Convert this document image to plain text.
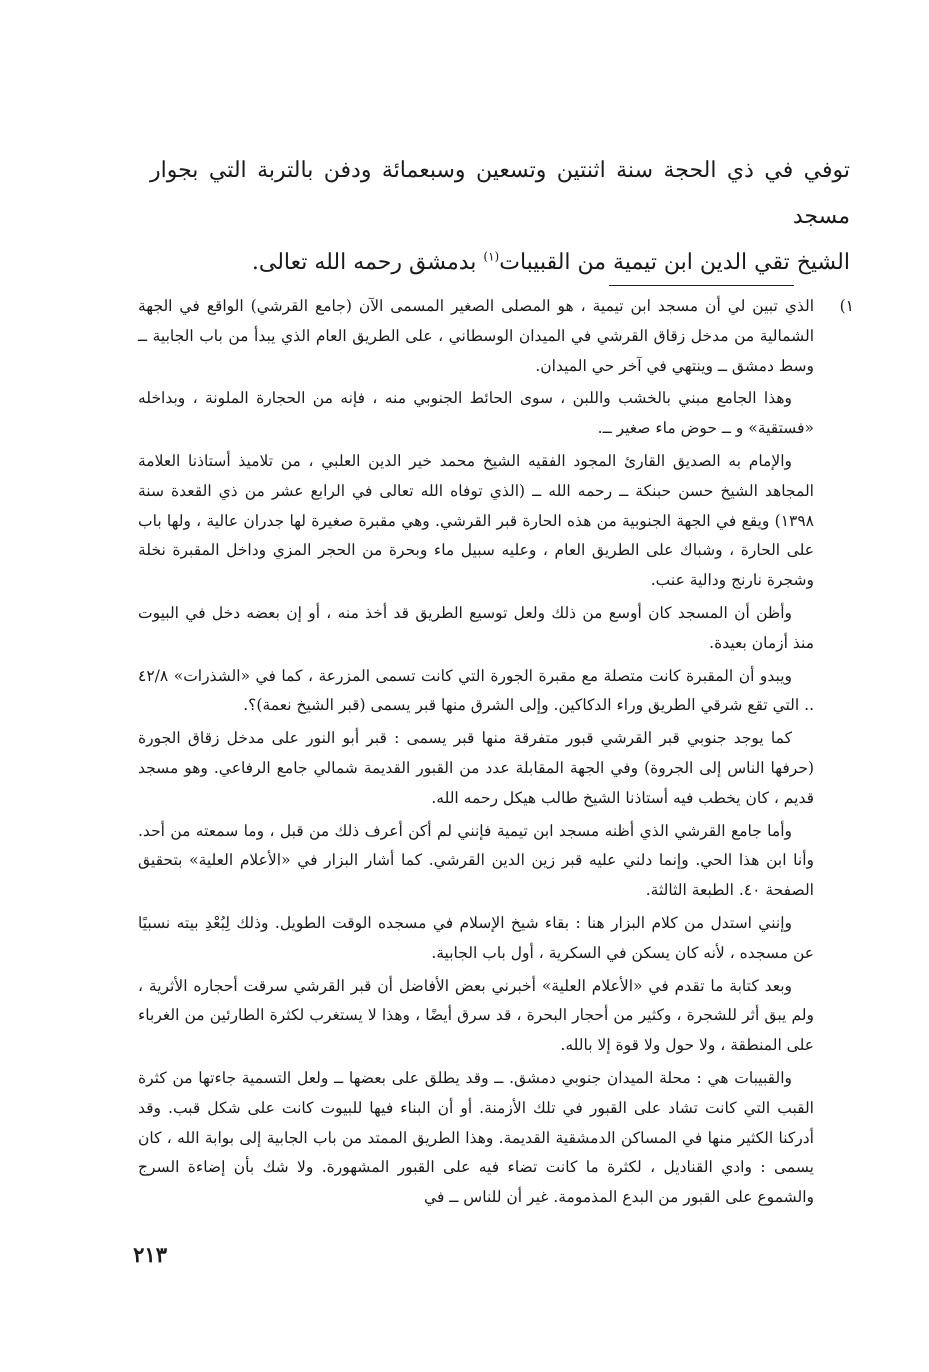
توفي في ذي الحجة سنة اثنتين وتسعين وسبعمائة ودفن بالتربة التي بجوار مسجد

الشيخ تقي الدين ابن تيمية من القبيبات$^{(١)}$ بدمشق رحمه الله تعالى.

١)
الذي تبين لي أن مسجد ابن تيمية ، هو المصلى الصغير المسمى الآن (جامع القرشي) الواقع في الجهة الشمالية من مدخل زقاق القرشي في الميدان الوسطاني ، على الطريق العام الذي يبدأ من باب الجابية ــ وسط دمشق ــ وينتهي في آخر حي الميدان.

وهذا الجامع مبني بالخشب واللبن ، سوى الحائط الجنوبي منه ، فإنه من الحجارة الملونة ، وبداخله «فستقية» و ــ حوض ماء صغير ــ.

والإمام به الصديق القارئ المجود الفقيه الشيخ محمد خير الدين العلبي ، من تلاميذ أستاذنا العلامة المجاهد الشيخ حسن حبنكة ــ رحمه الله ــ (الذي توفاه الله تعالى في الرابع عشر من ذي القعدة سنة ١٣٩٨) ويقع في الجهة الجنوبية من هذه الحارة قبر القرشي. وهي مقبرة صغيرة لها جدران عالية ، ولها باب على الحارة ، وشباك على الطريق العام ، وعليه سبيل ماء وبحرة من الحجر المزي وداخل المقبرة نخلة وشجرة نارنج ودالية عنب.

وأظن أن المسجد كان أوسع من ذلك ولعل توسيع الطريق قد أخذ منه ، أو إن بعضه دخل في البيوت منذ أزمان بعيدة.

ويبدو أن المقبرة كانت متصلة مع مقبرة الجورة التي كانت تسمى المزرعة ، كما في «الشذرات» ٤٢/٨ .. التي تقع شرقي الطريق وراء الدكاكين. وإلى الشرق منها قبر يسمى (قبر الشيخ نعمة)؟.

كما يوجد جنوبي قبر القرشي قبور متفرقة منها قبر يسمى : قبر أبو النور على مدخل زقاق الجورة (حرفها الناس إلى الجروة) وفي الجهة المقابلة عدد من القبور القديمة شمالي جامع الرفاعي. وهو مسجد قديم ، كان يخطب فيه أستاذنا الشيخ طالب هيكل رحمه الله.

وأما جامع القرشي الذي أظنه مسجد ابن تيمية فإنني لم أكن أعرف ذلك من قبل ، وما سمعته من أحد. وأنا ابن هذا الحي. وإنما دلني عليه قبر زين الدين القرشي. كما أشار البزار في «الأعلام العلية» بتحقيق الصفحة ٤٠. الطبعة الثالثة.

وإنني استدل من كلام البزار هنا : بقاء شيخ الإسلام في مسجده الوقت الطويل. وذلك لِبُعْدِ بيته نسبيًا عن مسجده ، لأنه كان يسكن في السكرية ، أول باب الجابية.

وبعد كتابة ما تقدم في «الأعلام العلية» أخبرني بعض الأفاضل أن قبر القرشي سرقت أحجاره الأثرية ، ولم يبق أثر للشجرة ، وكثير من أحجار البحرة ، قد سرق أيضًا ، وهذا لا يستغرب لكثرة الطارئين من الغرباء على المنطقة ، ولا حول ولا قوة إلا بالله.

والقبيبات هي : محلة الميدان جنوبي دمشق. ــ وقد يطلق على بعضها ــ ولعل التسمية جاءتها من كثرة القبب التي كانت تشاد على القبور في تلك الأزمنة. أو أن البناء فيها للبيوت كانت على شكل قبب. وقد أدركنا الكثير منها في المساكن الدمشقية القديمة. وهذا الطريق الممتد من باب الجابية إلى بوابة الله ، كان يسمى : وادي القناديل ، لكثرة ما كانت تضاء فيه على القبور المشهورة. ولا شك بأن إضاءة السرج والشموع على القبور من البدع المذمومة. غير أن للناس ــ في

٢١٣
